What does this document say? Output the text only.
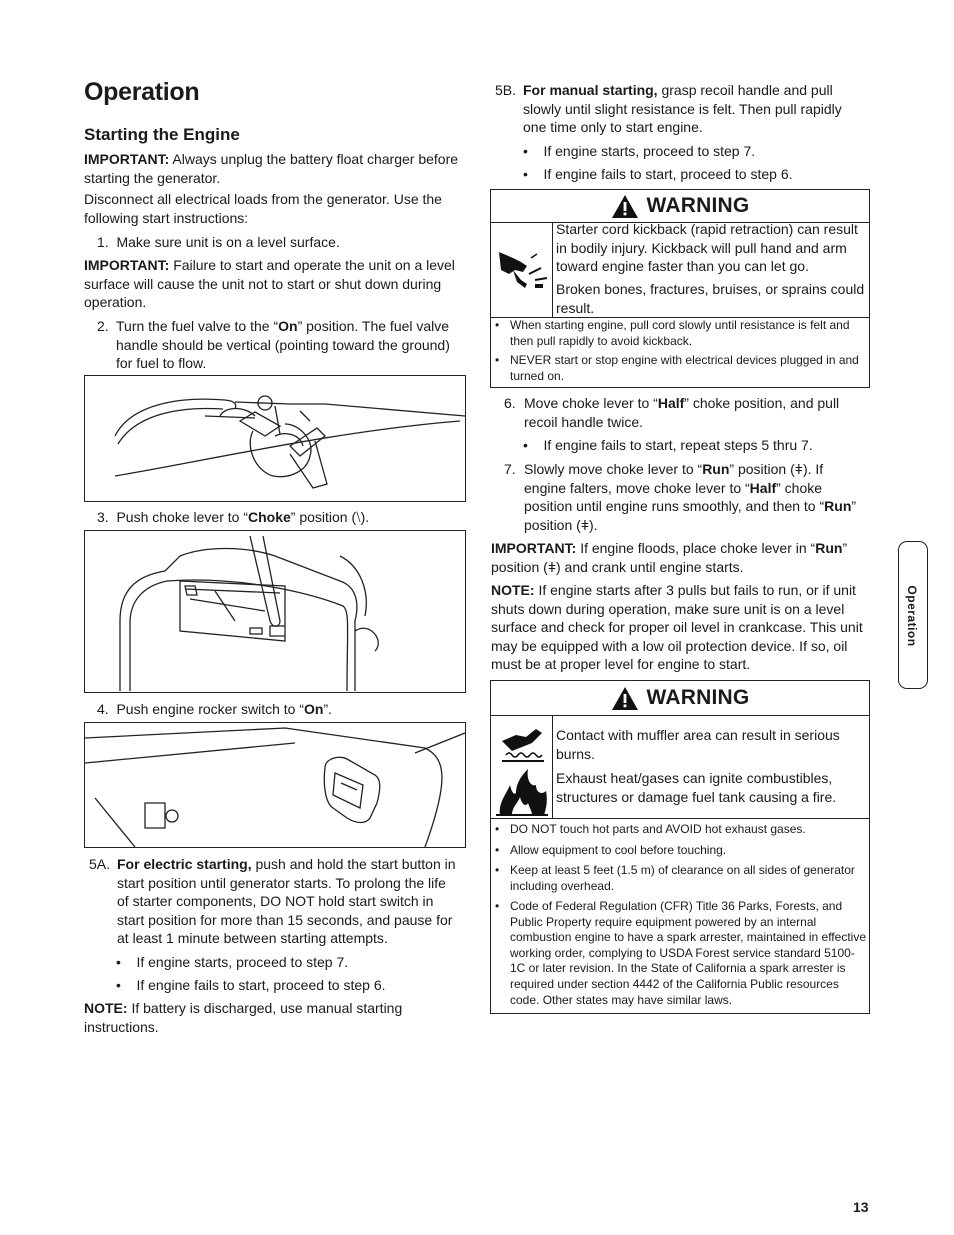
Operation
Starting the Engine

IMPORTANT: Always unplug the battery float charger before starting the generator.

Disconnect all electrical loads from the generator. Use the following start instructions:

1. Make sure unit is on a level surface.

IMPORTANT: Failure to start and operate the unit on a level surface will cause the unit not to start or shut down during operation.

2. Turn the fuel valve to the “On” position. The fuel valve handle should be vertical (pointing toward the ground) for fuel to flow.

3. Push choke lever to “Choke” position (⧵).

4. Push engine rocker switch to “On”.

5A. For electric starting, push and hold the start button in start position until generator starts. To prolong the life of starter components, DO NOT hold start switch in start position for more than 15 seconds, and pause for at least 1 minute between starting attempts.

•    If engine starts, proceed to step 7.

•    If engine fails to start, proceed to step 6.

NOTE: If battery is discharged, use manual starting instructions.

5B. For manual starting, grasp recoil handle and pull slowly until slight resistance is felt. Then pull rapidly one time only to start engine.

•    If engine starts, proceed to step 7.

•    If engine fails to start, proceed to step 6.

WARNING

Starter cord kickback (rapid retraction) can result in bodily injury. Kickback will pull hand and arm toward engine faster than you can let go.

Broken bones, fractures, bruises, or sprains could result.

• When starting engine, pull cord slowly until resistance is felt and then pull rapidly to avoid kickback.
• NEVER start or stop engine with electrical devices plugged in and turned on.
6. Move choke lever to “Half” choke position, and pull recoil handle twice.

•    If engine fails to start, repeat steps 5 thru 7.

7. Slowly move choke lever to “Run” position (ǂ). If engine falters, move choke lever to “Half” choke position until engine runs smoothly, and then to “Run” position (ǂ).

IMPORTANT: If engine floods, place choke lever in “Run” position (ǂ) and crank until engine starts.

NOTE: If engine starts after 3 pulls but fails to run, or if unit shuts down during operation, make sure unit is on a level surface and check for proper oil level in crankcase. This unit may be equipped with a low oil protection device. If so, oil must be at proper level for engine to start.

WARNING

Contact with muffler area can result in serious burns.

Exhaust heat/gases can ignite combustibles, structures or damage fuel tank causing a fire.

• DO NOT touch hot parts and AVOID hot exhaust gases.
• Allow equipment to cool before touching.
• Keep at least 5 feet (1.5 m) of clearance on all sides of generator including overhead.
• Code of Federal Regulation (CFR) Title 36 Parks, Forests, and Public Property require equipment powered by an internal combustion engine to have a spark arrester, maintained in effective working order, complying to USDA Forest service standard 5100-1C or later revision. In the State of California a spark arrester is required under section 4442 of the California Public resources code. Other states may have similar laws.
Operation
13
